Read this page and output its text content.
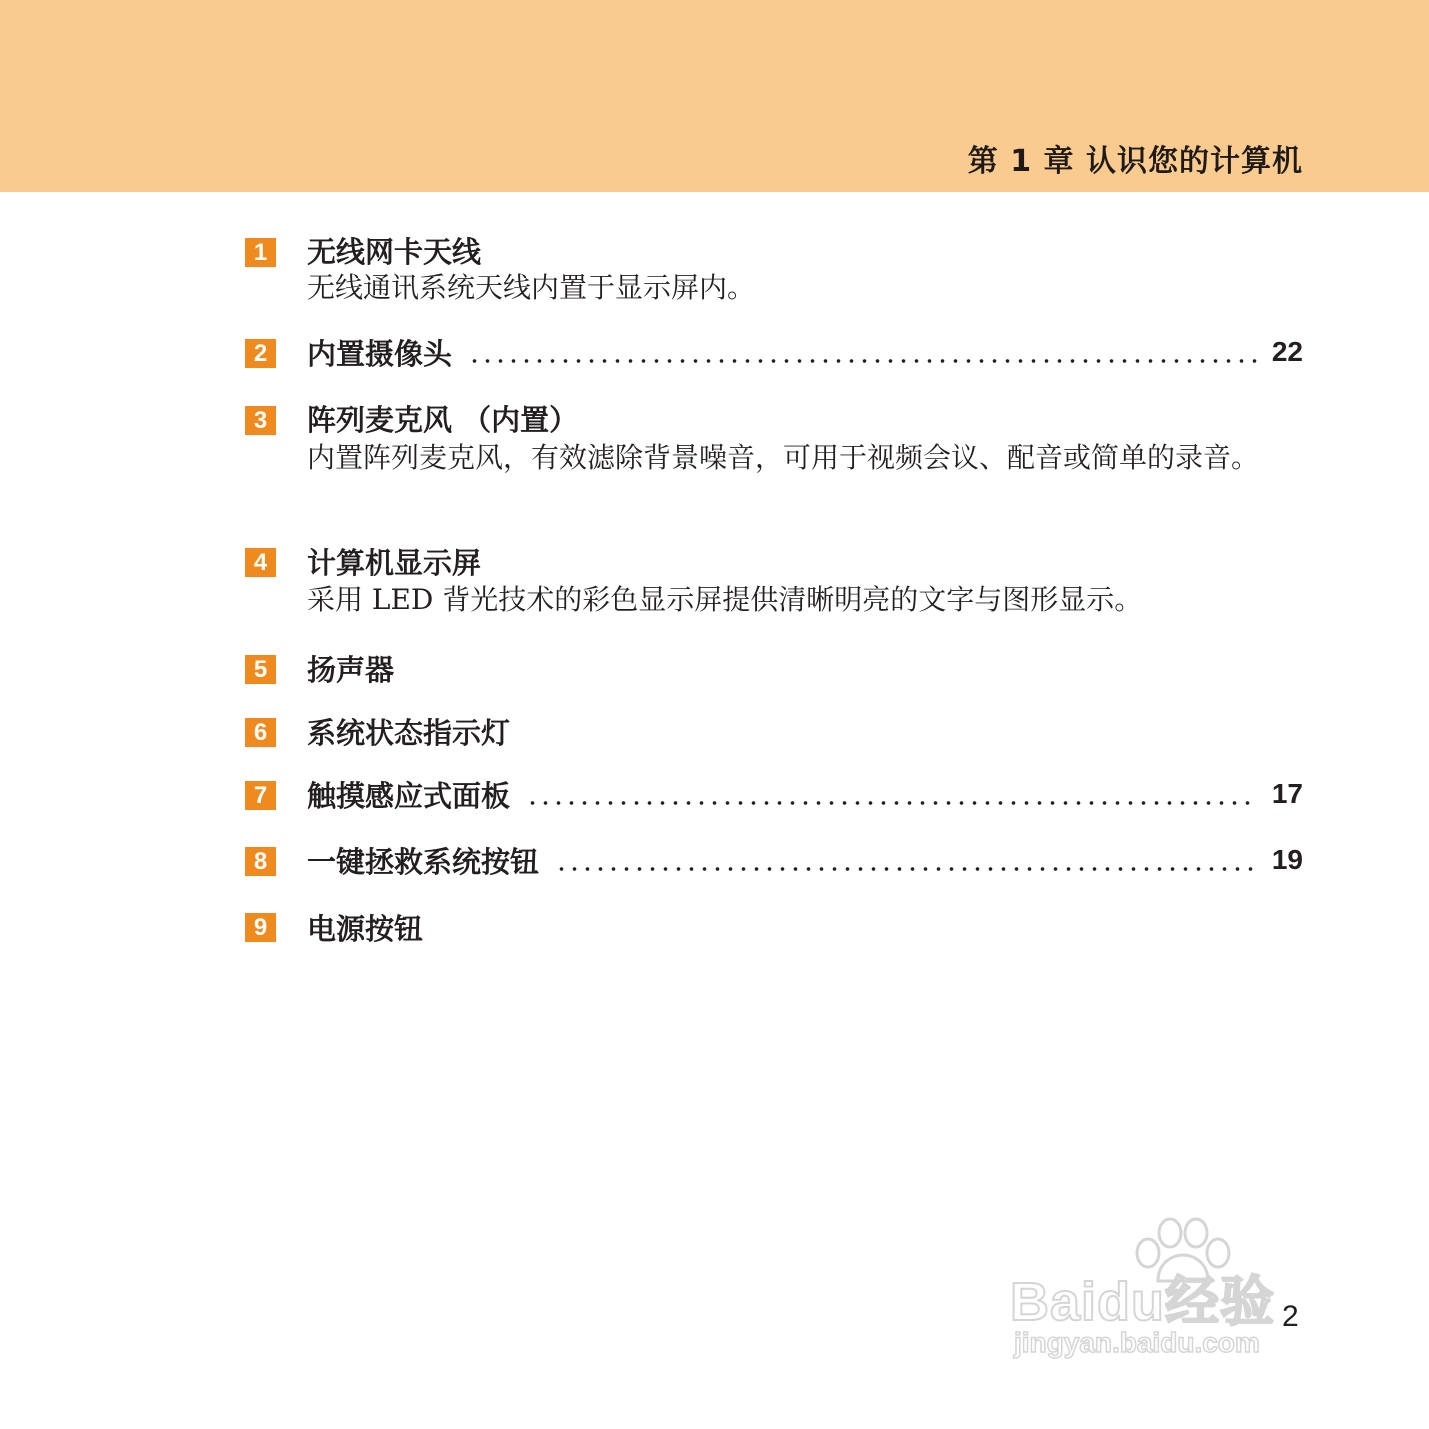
第 1 章 认识您的计算机
1	无线网卡天线
无线通讯系统天线内置于显示屏内。
2	内置摄像头	22
3	阵列麦克风 （内置）
内置阵列麦克风，有效滤除背景噪音，可用于视频会议、配音或简单的录音。
4	计算机显示屏
采用 LED 背光技术的彩色显示屏提供清晰明亮的文字与图形显示。
5	扬声器
6	系统状态指示灯
7	触摸感应式面板	17
8	一键拯救系统按钮	19
9	电源按钮
Baidu经验
jingyan.baidu.com
2
